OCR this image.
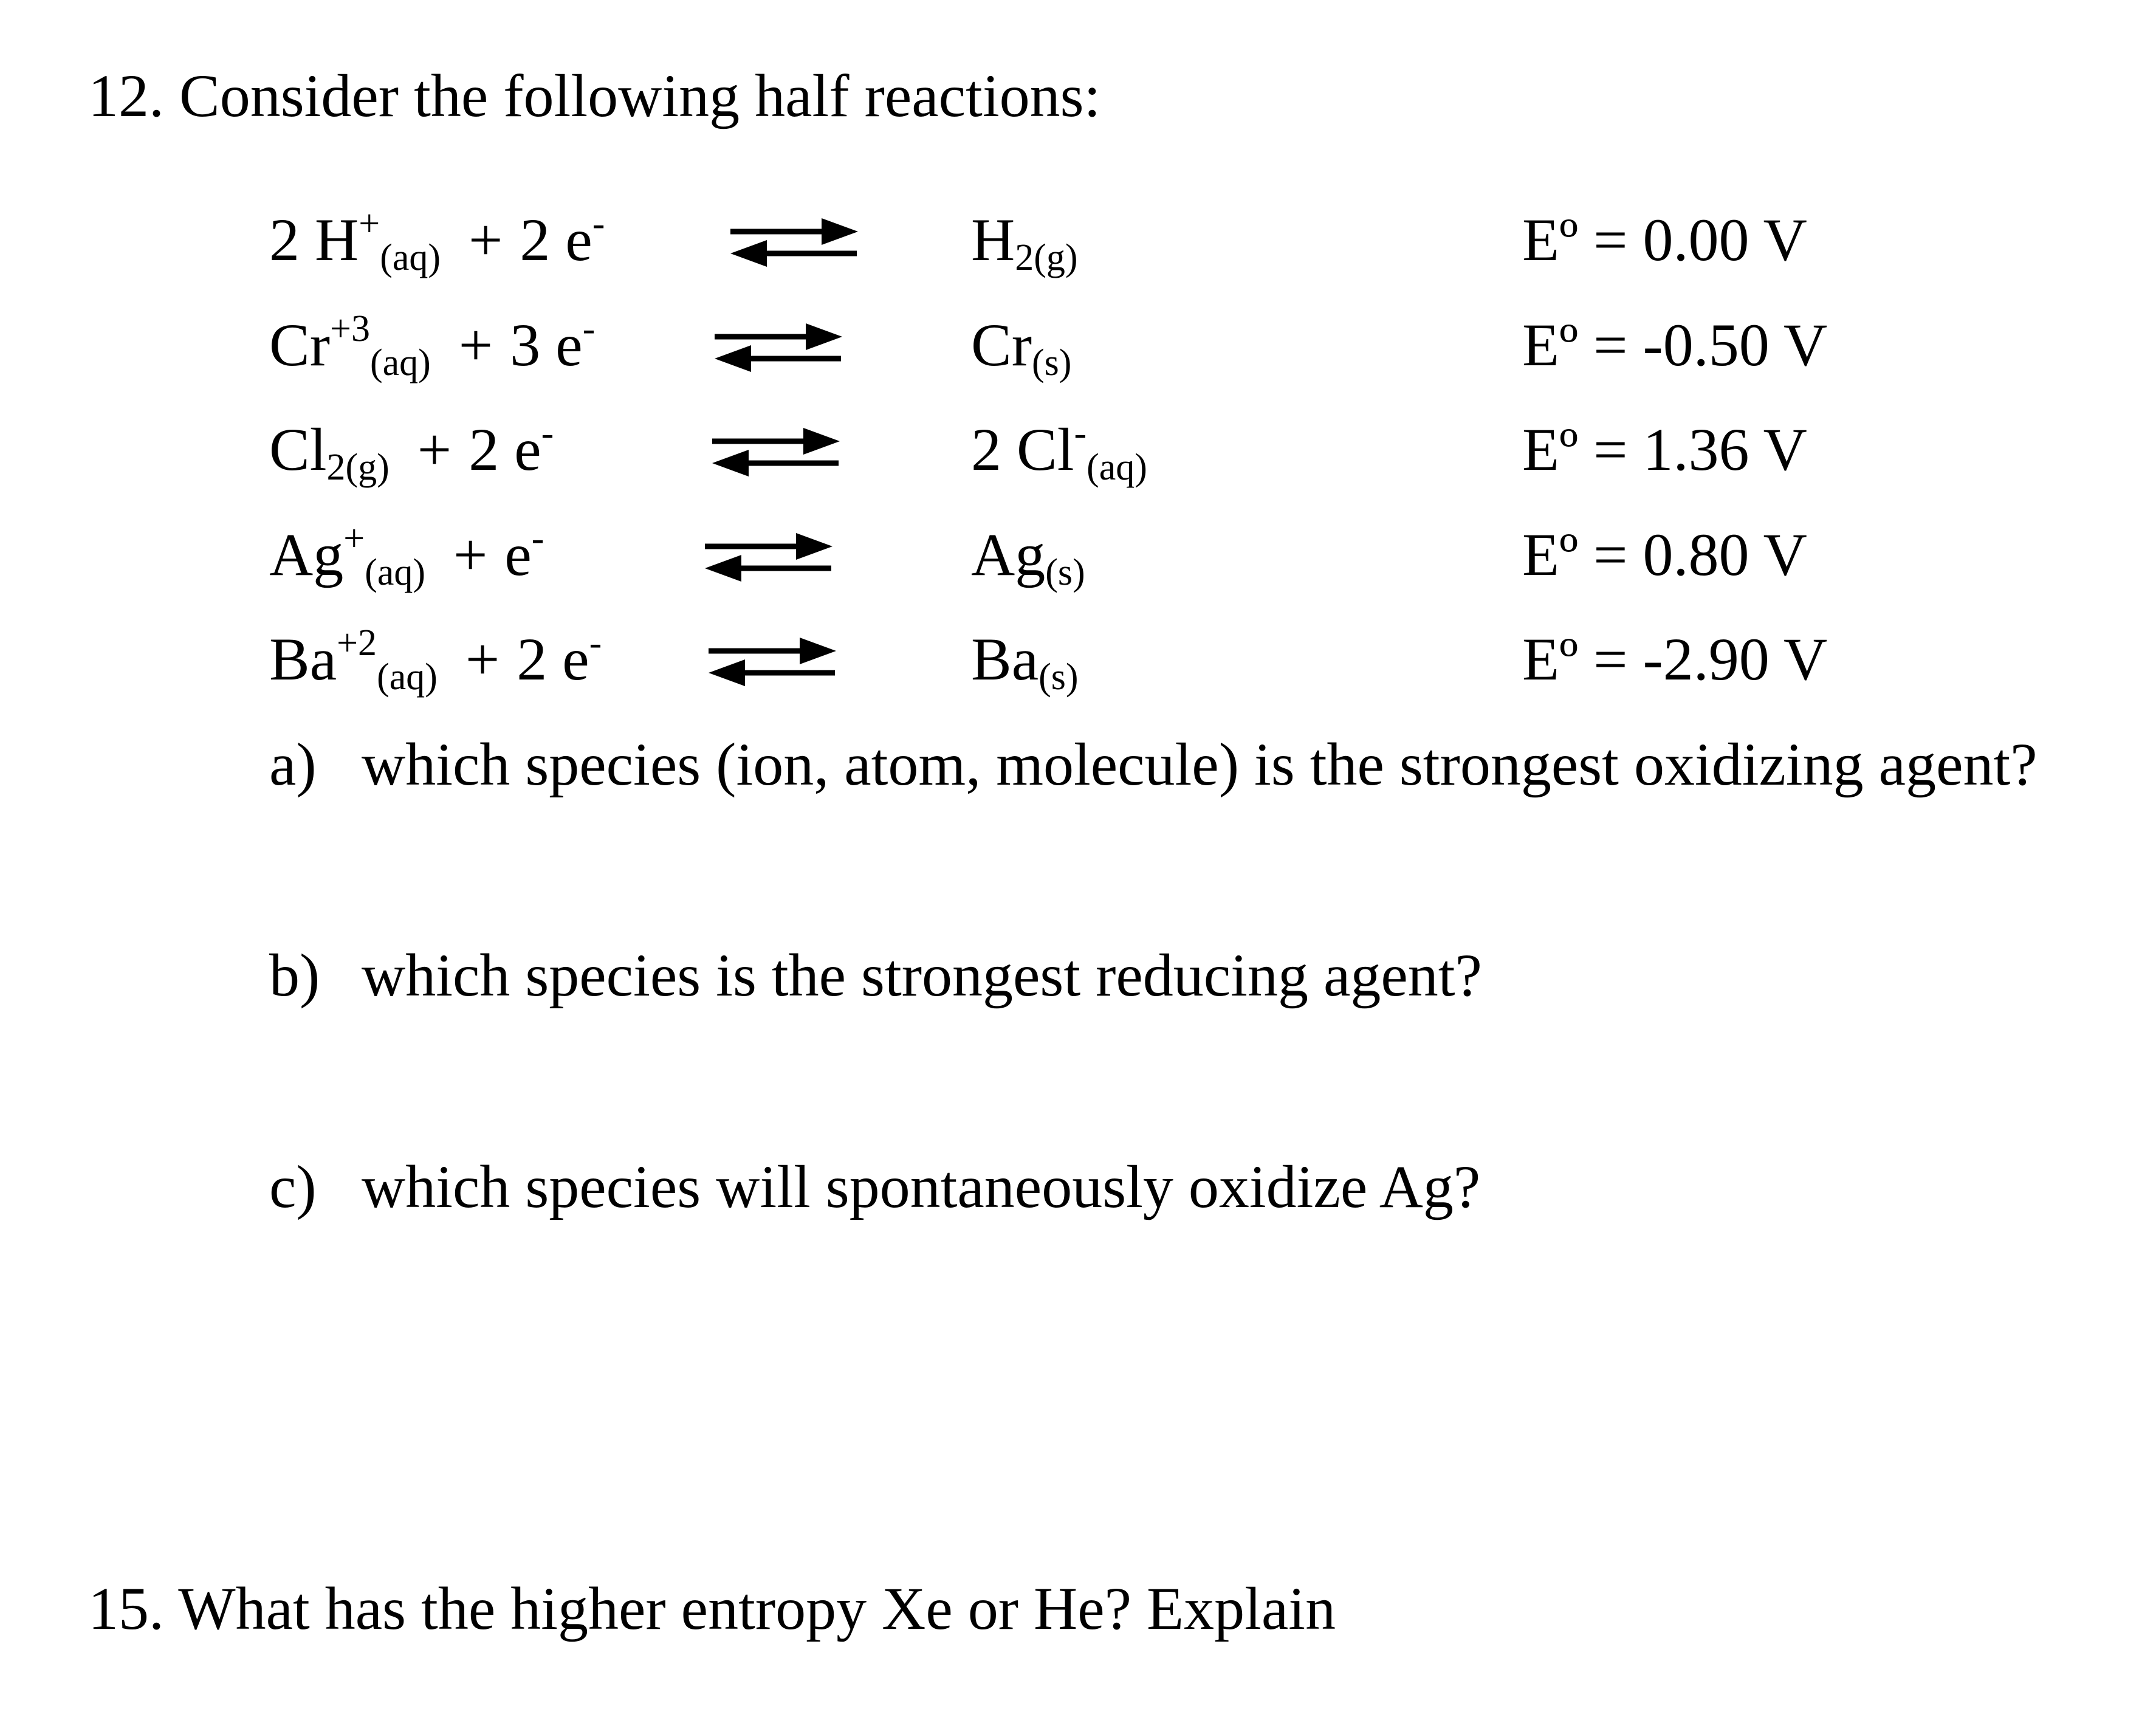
12. Consider the following half reactions:
2 H+(aq) + 2 e-	H2(g)	Eº = 0.00 V
$Cr^{+3}(aq) + 3$ e-	Cr(s)	Eº = -0.50 V
Cl2(g) + 2 e-	2 Cl-(aq)	Eº = 1.36 V
Ag+(aq) + e-	Ag(s)	Eº = 0.80 V
$Ba^{+2}(aq) + 2$ e-	Ba(s)	Eº = -2.90 V
a) which species (ion, atom, molecule) is the strongest oxidizing agent?
b) which species is the strongest reducing agent?
c) which species will spontaneously oxidize Ag?
15. What has the higher entropy Xe or He? Explain
